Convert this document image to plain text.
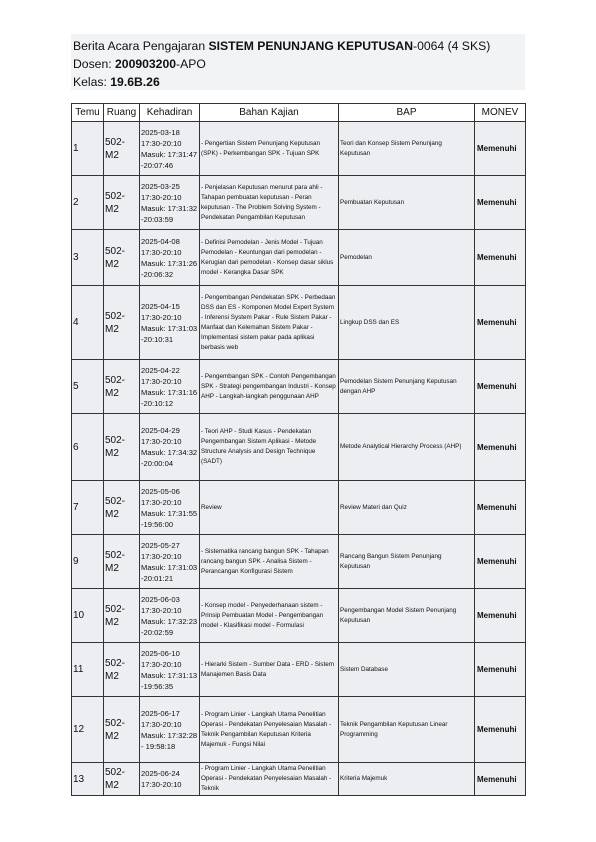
Berita Acara Pengajaran SISTEM PENUNJANG KEPUTUSAN-0064 (4 SKS)
Dosen: 200903200-APO
Kelas: 19.6B.26
Temu	Ruang	Kehadiran	Bahan Kajian	BAP	MONEV
1	502-M2	2025-03-18 17:30-20:10 Masuk: 17:31:47 -20:07:46	- Pengertian Sistem Penunjang Keputusan (SPK) - Perkembangan SPK - Tujuan SPK	Teori dan Konsep Sistem Penunjang Keputusan	Memenuhi
2	502-M2	2025-03-25 17:30-20:10 Masuk: 17:31:32 -20:03:59	- Penjelasan Keputusan menurut para ahli - Tahapan pembuatan keputusan - Peran keputusan - The Problem Solving System - Pendekatan Pengambilan Keputusan	Pembuatan Keputusan	Memenuhi
3	502-M2	2025-04-08 17:30-20:10 Masuk: 17:31:26 -20:06:32	- Definisi Pemodelan - Jenis Model - Tujuan Pemodelan - Keuntungan dari pemodelan - Kerugian dari pemodelan - Konsep dasar siklus model - Kerangka Dasar SPK	Pemodelan	Memenuhi
4	502-M2	2025-04-15 17:30-20:10 Masuk: 17:31:03 -20:10:31	- Pengembangan Pendekatan SPK - Perbedaan DSS dan ES - Komponen Model Expert System - Inferensi System Pakar - Rule Sistem Pakar - Manfaat dan Kelemahan Sistem Pakar - Implementasi sistem pakar pada aplikasi berbasis web	Lingkup DSS dan ES	Memenuhi
5	502-M2	2025-04-22 17:30-20:10 Masuk: 17:31:16 -20:10:12	- Pengembangan SPK - Contoh Pengembangan SPK - Strategi pengembangan Industri - Konsep AHP - Langkah-langkah penggunaan AHP	Pemodelan Sistem Penunjang Keputusan dengan AHP	Memenuhi
6	502-M2	2025-04-29 17:30-20:10 Masuk: 17:34:32 -20:00:04	- Teori AHP - Studi Kasus - Pendekatan Pengembangan Sistem Aplikasi - Metode Structure Analysis and Design Technique (SADT)	Metode Analytical Hierarchy Process (AHP)	Memenuhi
7	502-M2	2025-05-06 17:30-20:10 Masuk: 17:31:55 -19:56:00	Review	Review Materi dan Quiz	Memenuhi
9	502-M2	2025-05-27 17:30-20:10 Masuk: 17:31:03 -20:01:21	- Sistematika rancang bangun SPK - Tahapan rancang bangun SPK - Analisa Sistem - Perancangan Konfigurasi Sistem	Rancang Bangun Sistem Penunjang Keputusan	Memenuhi
10	502-M2	2025-06-03 17:30-20:10 Masuk: 17:32:23 -20:02:59	- Konsep model - Penyederhanaan sistem - Prinsip Pembuatan Model - Pengembangan model - Klasifikasi model - Formulasi	Pengembangan Model Sistem Penunjang Keputusan	Memenuhi
11	502-M2	2025-06-10 17:30-20:10 Masuk: 17:31:13 -19:56:35	- Hierarki Sistem - Sumber Data - ERD - Sistem Manajemen Basis Data	Sistem Database	Memenuhi
12	502-M2	2025-06-17 17:30-20:10 Masuk: 17:32:28 - 19:58:18	- Program Linier - Langkah Utama Penelitian Operasi - Pendekatan Penyelesaian Masalah - Teknik Pengambilan Keputusan Kriteria Majemuk - Fungsi Nilai	Teknik Pengambilan Keputusan Linear Programming	Memenuhi
13	502-M2	2025-06-24 17:30-20:10	- Program Linier - Langkah Utama Penelitian Operasi - Pendekatan Penyelesaian Masalah - Teknik	Kriteria Majemuk	Memenuhi
